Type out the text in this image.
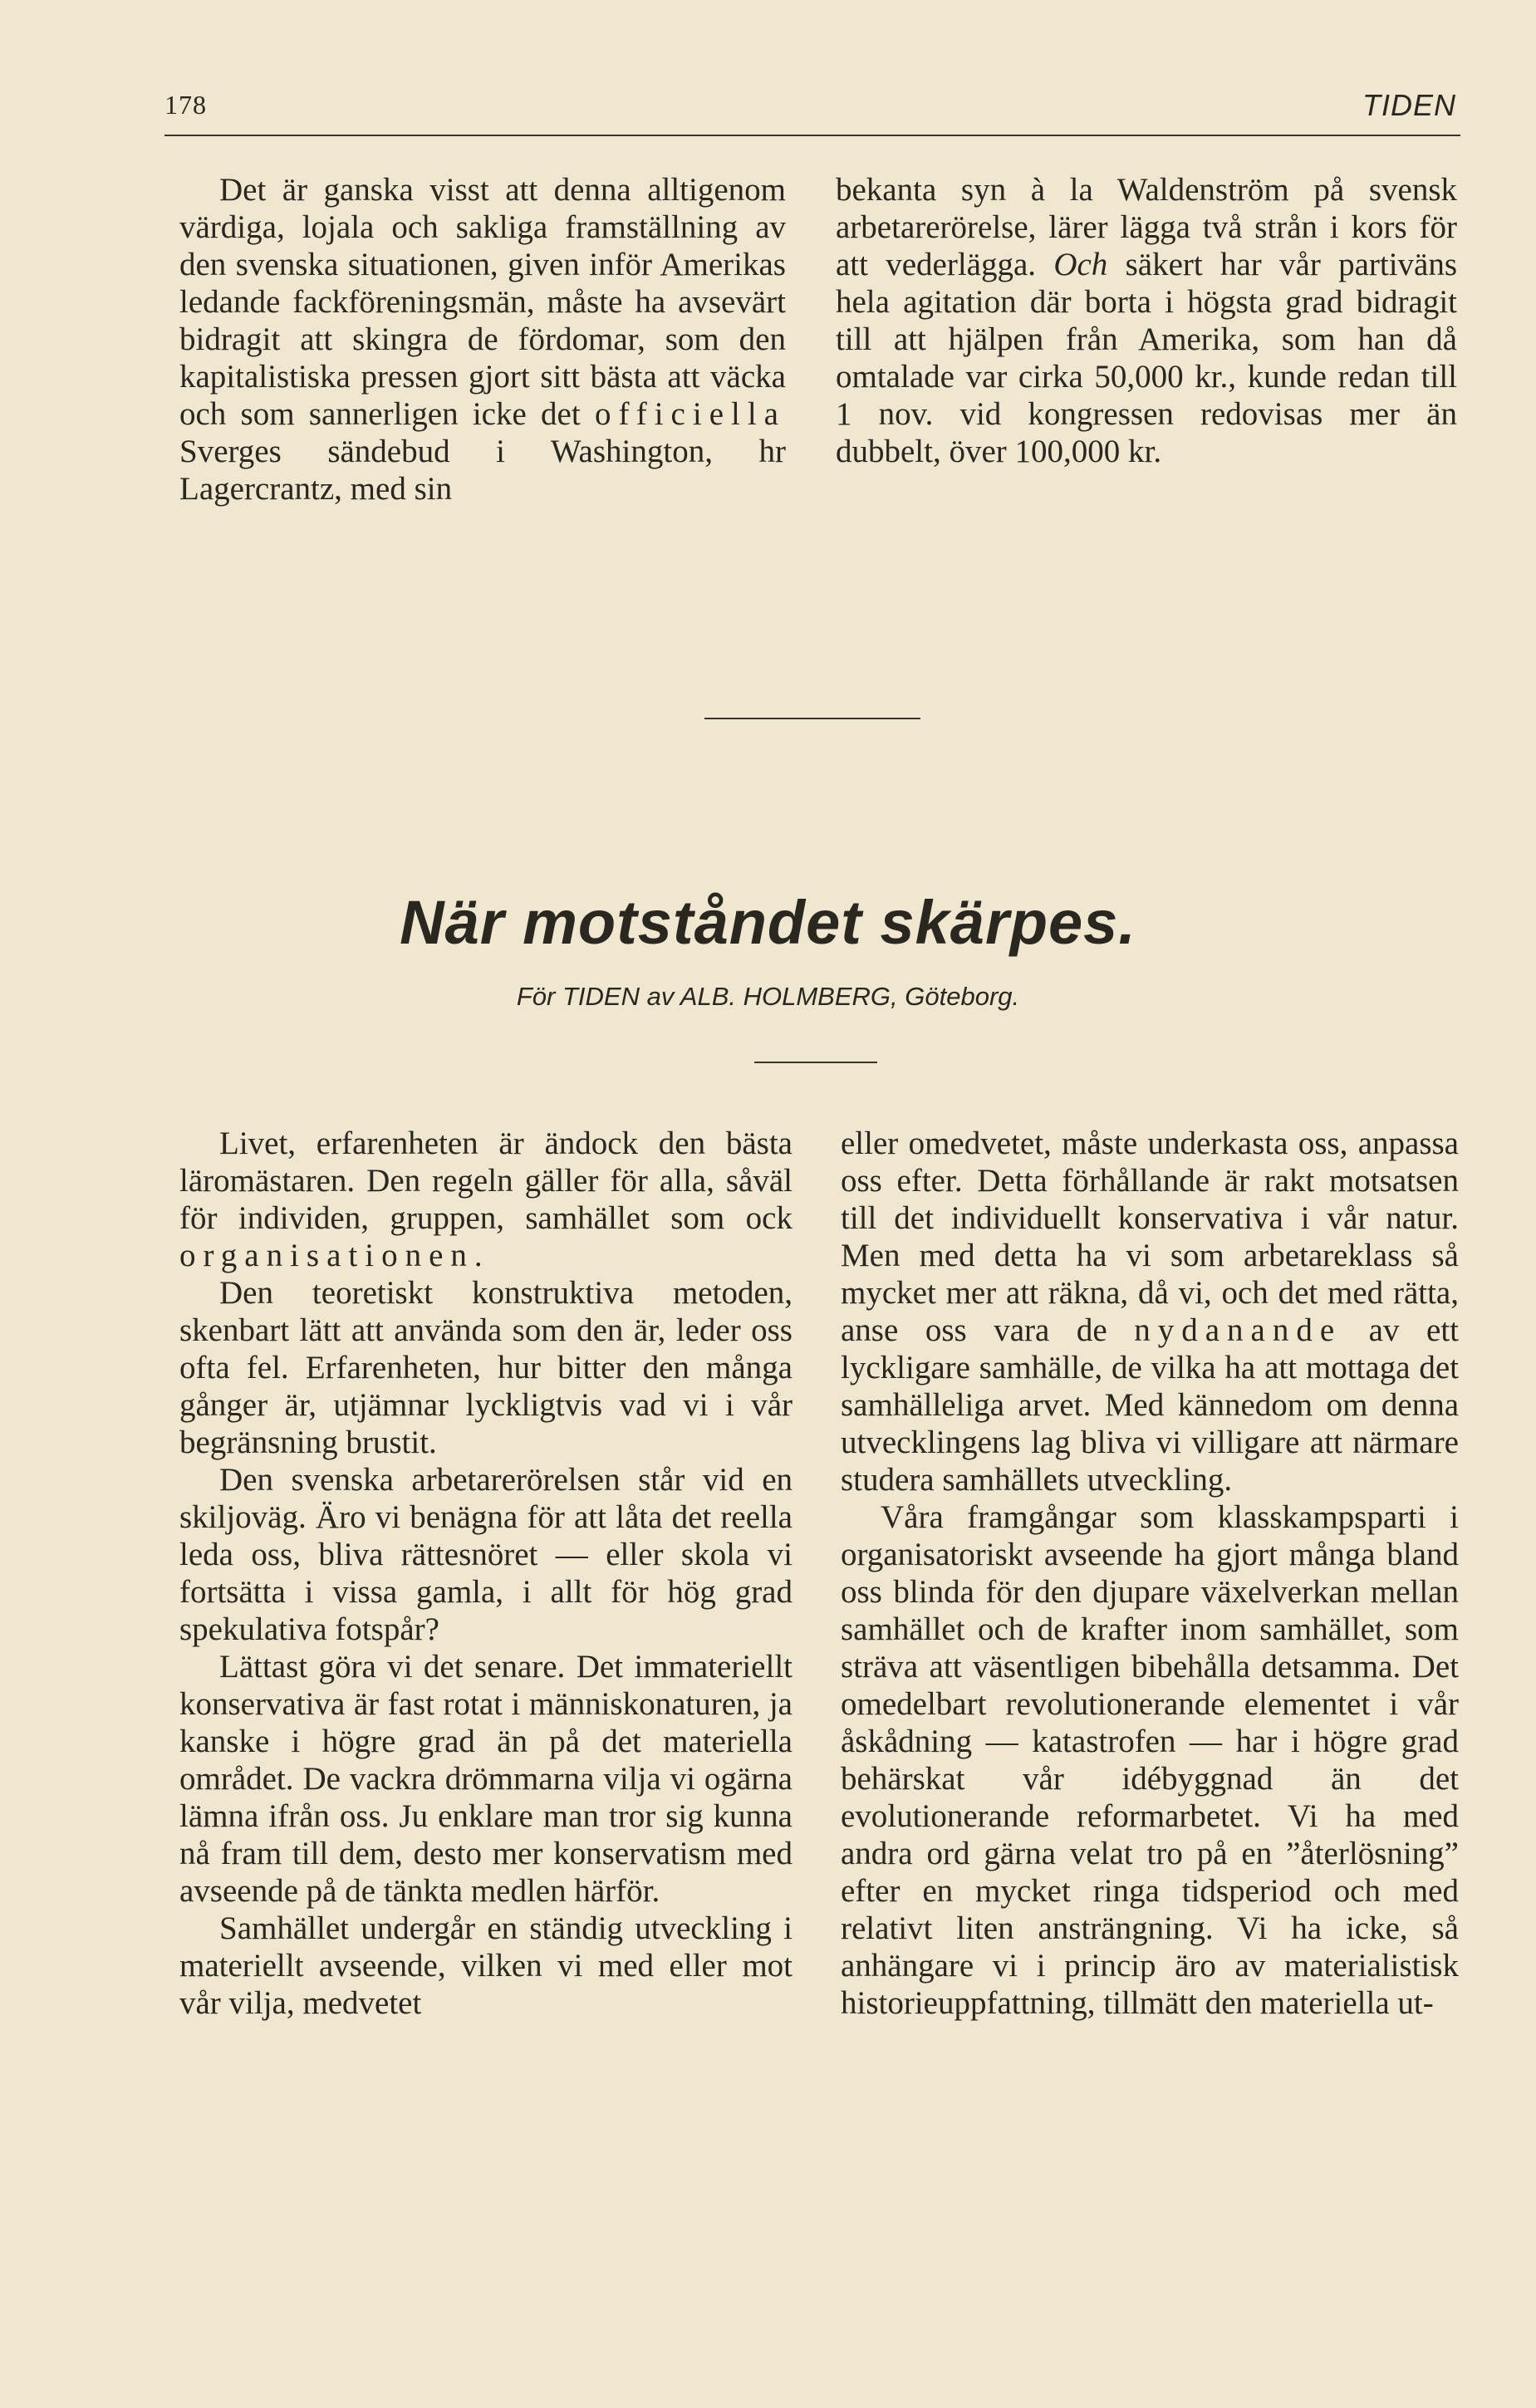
178	TIDEN

Det är ganska visst att denna alltigenom värdiga, lojala och sakliga framställning av den svenska situationen, given inför Amerikas ledande fackföreningsmän, måste ha avsevärt bidragit att skingra de fördomar, som den kapitalistiska pressen gjort sitt bästa att väcka och som sannerligen icke det officiella Sverges sändebud i Washington, hr Lagercrantz, med sin

bekanta syn à la Waldenström på svensk arbetarerörelse, lärer lägga två strån i kors för att vederlägga. Och säkert har vår partiväns hela agitation där borta i högsta grad bidragit till att hjälpen från Amerika, som han då omtalade var cirka 50,000 kr., kunde redan till 1 nov. vid kongressen redovisas mer än dubbelt, över 100,000 kr.

När motståndet skärpes.

För TIDEN av ALB. HOLMBERG, Göteborg.

Livet, erfarenheten är ändock den bästa läromästaren. Den regeln gäller för alla, såväl för individen, gruppen, samhället som ock organisationen.

Den teoretiskt konstruktiva metoden, skenbart lätt att använda som den är, leder oss ofta fel. Erfarenheten, hur bitter den många gånger är, utjämnar lyckligtvis vad vi i vår begränsning brustit.

Den svenska arbetarerörelsen står vid en skiljoväg. Äro vi benägna för att låta det reella leda oss, bliva rättesnöret — eller skola vi fortsätta i vissa gamla, i allt för hög grad spekulativa fotspår?

Lättast göra vi det senare. Det immateriellt konservativa är fast rotat i människonaturen, ja kanske i högre grad än på det materiella området. De vackra drömmarna vilja vi ogärna lämna ifrån oss. Ju enklare man tror sig kunna nå fram till dem, desto mer konservatism med avseende på de tänkta medlen härför.

Samhället undergår en ständig utveckling i materiellt avseende, vilken vi med eller mot vår vilja, medvetet

eller omedvetet, måste underkasta oss, anpassa oss efter. Detta förhållande är rakt motsatsen till det individuellt konservativa i vår natur. Men med detta ha vi som arbetareklass så mycket mer att räkna, då vi, och det med rätta, anse oss vara de nydanande av ett lyckligare samhälle, de vilka ha att mottaga det samhälleliga arvet. Med kännedom om denna utvecklingens lag bliva vi villigare att närmare studera samhällets utveckling.

Våra framgångar som klasskampsparti i organisatoriskt avseende ha gjort många bland oss blinda för den djupare växelverkan mellan samhället och de krafter inom samhället, som sträva att väsentligen bibehålla detsamma. Det omedelbart revolutionerande elementet i vår åskådning — katastrofen — har i högre grad behärskat vår idébyggnad än det evolutionerande reformarbetet. Vi ha med andra ord gärna velat tro på en ”återlösning” efter en mycket ringa tidsperiod och med relativt liten ansträngning. Vi ha icke, så anhängare vi i princip äro av materialistisk historieuppfattning, tillmätt den materiella ut-
